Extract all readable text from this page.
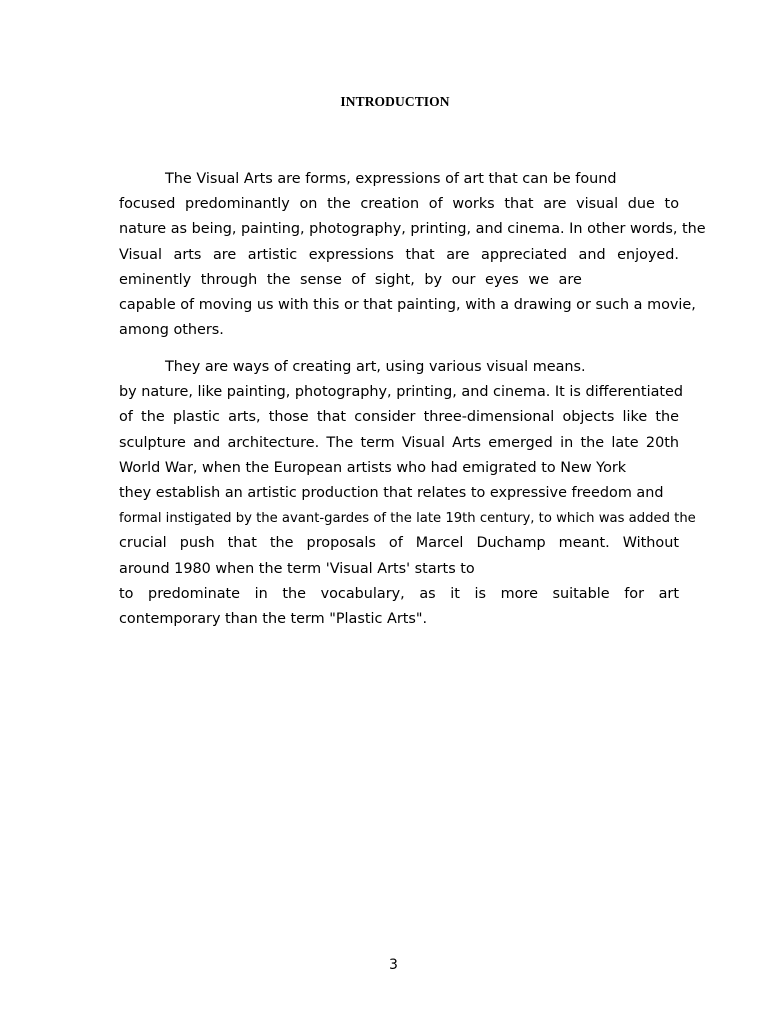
INTRODUCTION
The Visual Arts are forms, expressions of art that can be found
focused predominantly on the creation of works that are visual due to
nature as being, painting, photography, printing, and cinema. In other words, the
Visual arts are artistic expressions that are appreciated and enjoyed.
eminently through the sense of sight, by our eyes we are
capable of moving us with this or that painting, with a drawing or such a movie,
among others.
They are ways of creating art, using various visual means.
by nature, like painting, photography, printing, and cinema. It is differentiated
of the plastic arts, those that consider three-dimensional objects like the
sculpture and architecture. The term Visual Arts emerged in the late 20th
World War, when the European artists who had emigrated to New York
they establish an artistic production that relates to expressive freedom and
formal instigated by the avant-gardes of the late 19th century, to which was added the
crucial push that the proposals of Marcel Duchamp meant. Without
around 1980 when the term 'Visual Arts' starts to
to predominate in the vocabulary, as it is more suitable for art
contemporary than the term "Plastic Arts".
3
